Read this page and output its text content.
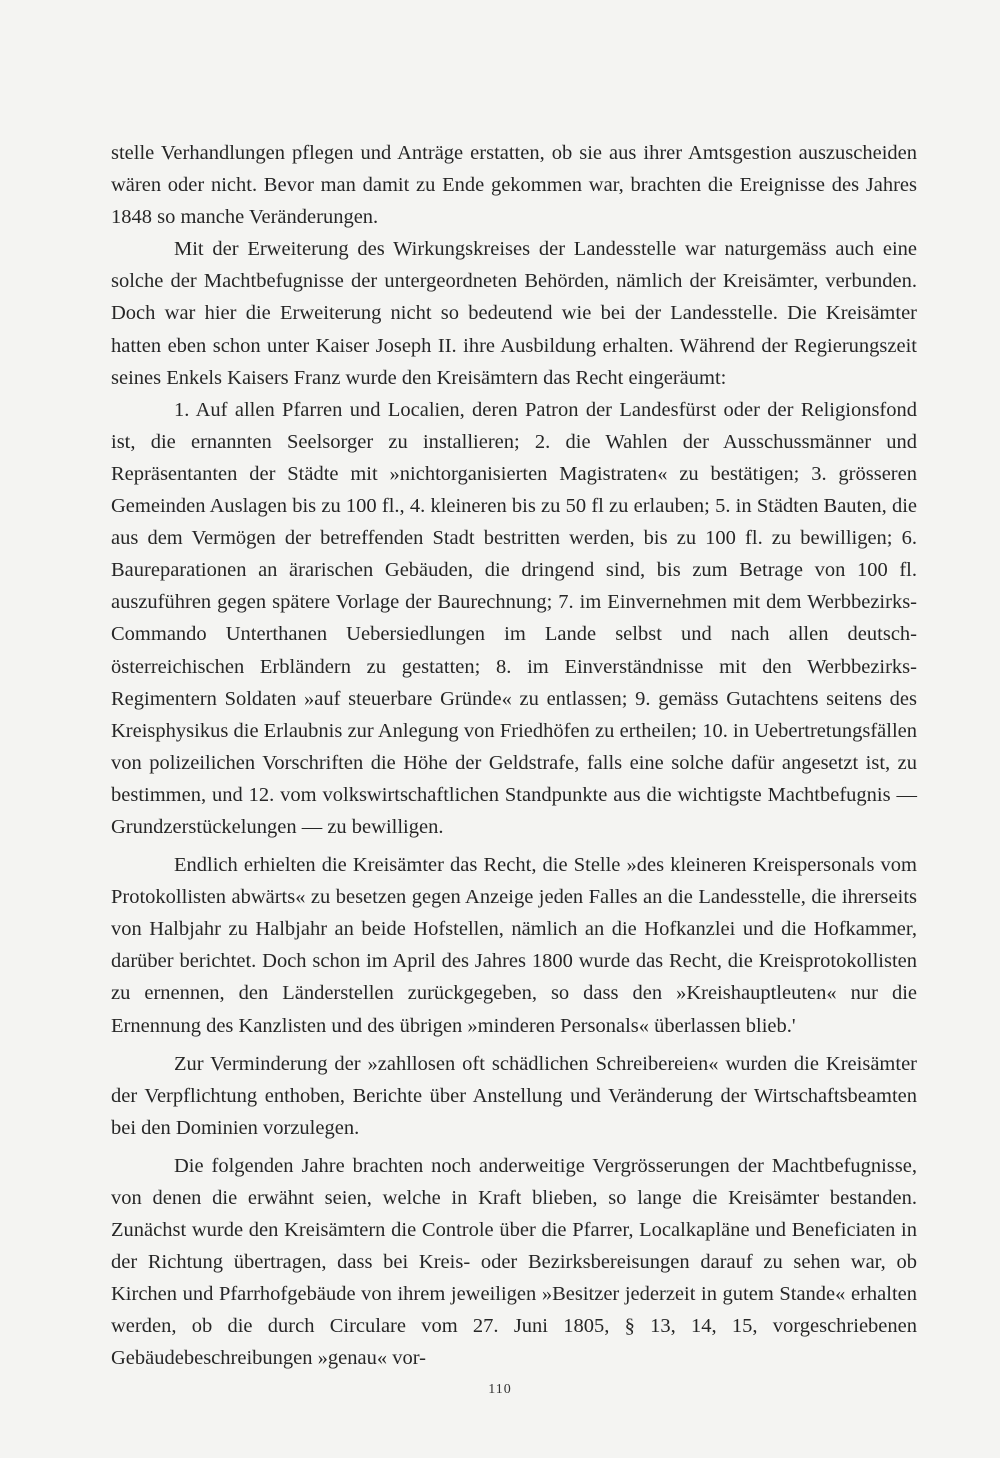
stelle Verhandlungen pflegen und Anträge erstatten, ob sie aus ihrer Amtsgestion auszuscheiden wären oder nicht. Bevor man damit zu Ende gekommen war, brachten die Ereignisse des Jahres 1848 so manche Veränderungen.

Mit der Erweiterung des Wirkungskreises der Landesstelle war naturgemäss auch eine solche der Machtbefugnisse der untergeordneten Behörden, nämlich der Kreisämter, verbunden. Doch war hier die Erweiterung nicht so bedeutend wie bei der Landesstelle. Die Kreisämter hatten eben schon unter Kaiser Joseph II. ihre Ausbildung erhalten. Während der Regierungszeit seines Enkels Kaisers Franz wurde den Kreisämtern das Recht eingeräumt:

1. Auf allen Pfarren und Localien, deren Patron der Landesfürst oder der Religionsfond ist, die ernannten Seelsorger zu installieren; 2. die Wahlen der Ausschussmänner und Repräsentanten der Städte mit »nichtorganisierten Magistraten« zu bestätigen; 3. grösseren Gemeinden Auslagen bis zu 100 fl., 4. kleineren bis zu 50 fl zu erlauben; 5. in Städten Bauten, die aus dem Vermögen der betreffenden Stadt bestritten werden, bis zu 100 fl. zu bewilligen; 6. Baureparationen an ärarischen Gebäuden, die dringend sind, bis zum Betrage von 100 fl. auszuführen gegen spätere Vorlage der Baurechnung; 7. im Einvernehmen mit dem Werbbezirks-Commando Unterthanen Uebersiedlungen im Lande selbst und nach allen deutsch-österreichischen Erbländern zu gestatten; 8. im Einverständnisse mit den Werbbezirks-Regimentern Soldaten »auf steuerbare Gründe« zu entlassen; 9. gemäss Gutachtens seitens des Kreisphysikus die Erlaubnis zur Anlegung von Friedhöfen zu ertheilen; 10. in Uebertretungsfällen von polizeilichen Vorschriften die Höhe der Geldstrafe, falls eine solche dafür angesetzt ist, zu bestimmen, und 12. vom volkswirtschaftlichen Standpunkte aus die wichtigste Machtbefugnis — Grundzerstückelungen — zu bewilligen.

Endlich erhielten die Kreisämter das Recht, die Stelle »des kleineren Kreispersonals vom Protokollisten abwärts« zu besetzen gegen Anzeige jeden Falles an die Landesstelle, die ihrerseits von Halbjahr zu Halbjahr an beide Hofstellen, nämlich an die Hofkanzlei und die Hofkammer, darüber berichtet. Doch schon im April des Jahres 1800 wurde das Recht, die Kreisprotokollisten zu ernennen, den Länderstellen zurückgegeben, so dass den »Kreishauptleuten« nur die Ernennung des Kanzlisten und des übrigen »minderen Personals« überlassen blieb.'

Zur Verminderung der »zahllosen oft schädlichen Schreibereien« wurden die Kreisämter der Verpflichtung enthoben, Berichte über Anstellung und Veränderung der Wirtschaftsbeamten bei den Dominien vorzulegen.

Die folgenden Jahre brachten noch anderweitige Vergrösserungen der Machtbefugnisse, von denen die erwähnt seien, welche in Kraft blieben, so lange die Kreisämter bestanden. Zunächst wurde den Kreisämtern die Controle über die Pfarrer, Localkapläne und Beneficiaten in der Richtung übertragen, dass bei Kreis- oder Bezirksbereisungen darauf zu sehen war, ob Kirchen und Pfarrhofgebäude von ihrem jeweiligen »Besitzer jederzeit in gutem Stande« erhalten werden, ob die durch Circulare vom 27. Juni 1805, § 13, 14, 15, vorgeschriebenen Gebäudebeschreibungen »genau« vor-

110
